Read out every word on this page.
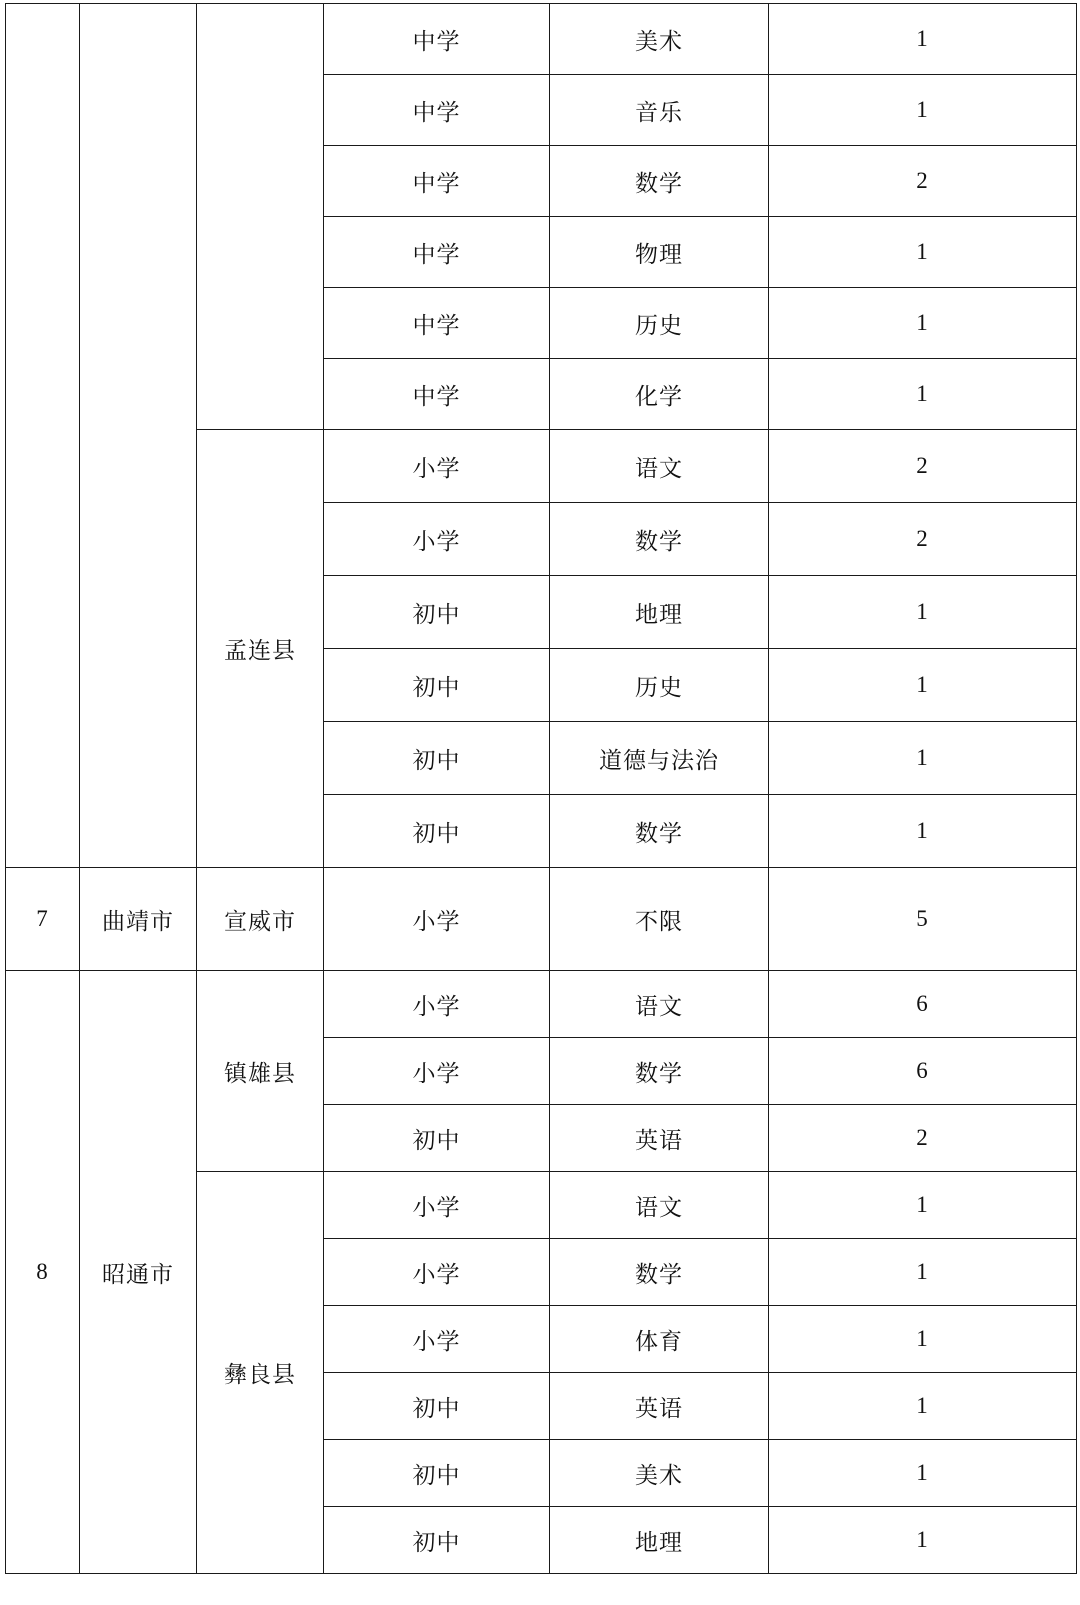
			中学	美术	1
			中学	音乐	1
			中学	数学	2
			中学	物理	1
			中学	历史	1
			中学	化学	1
		孟连县	小学	语文	2
			小学	数学	2
			初中	地理	1
			初中	历史	1
			初中	道德与法治	1
			初中	数学	1
7	曲靖市	宣威市	小学	不限	5
8	昭通市	镇雄县	小学	语文	6
			小学	数学	6
			初中	英语	2
		彝良县	小学	语文	1
			小学	数学	1
			小学	体育	1
			初中	英语	1
			初中	美术	1
			初中	地理	1
